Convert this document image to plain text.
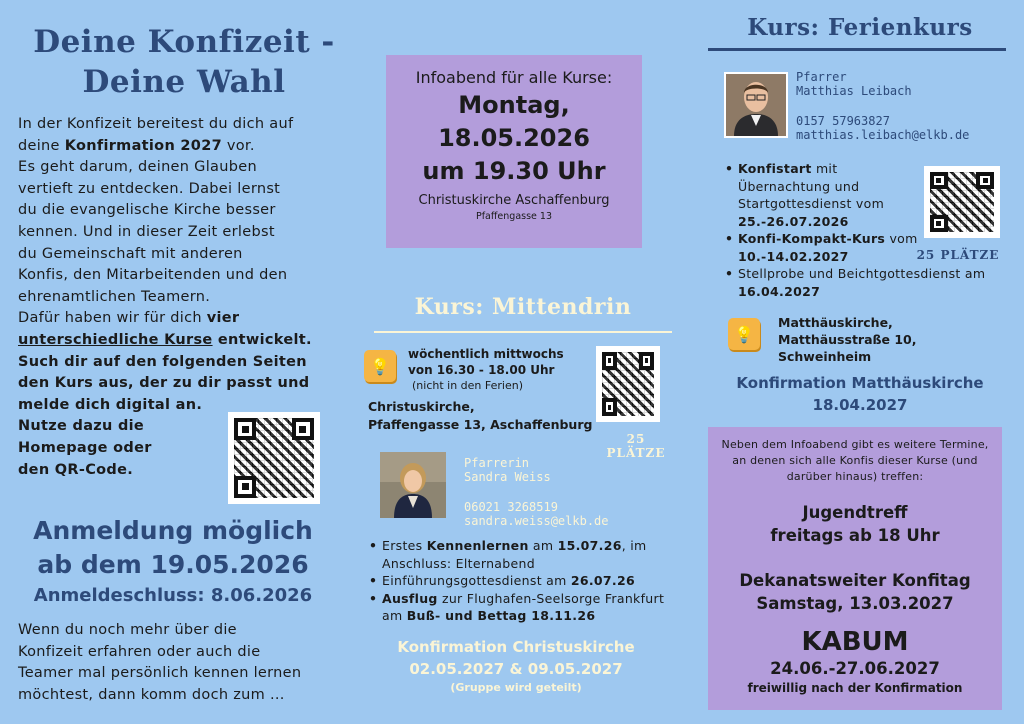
Deine Konfizeit -
Deine Wahl
In der Konfizeit bereitest du dich auf
deine Konfirmation 2027 vor.
Es geht darum, deinen Glauben
vertieft zu entdecken. Dabei lernst
du die evangelische Kirche besser
kennen. Und in dieser Zeit erlebst
du Gemeinschaft mit anderen
Konfis, den Mitarbeitenden und den
ehrenamtlichen Teamern.
Dafür haben wir für dich vier
unterschiedliche Kurse entwickelt.
Such dir auf den folgenden Seiten
den Kurs aus, der zu dir passt und
melde dich digital an.
Nutze dazu die
Homepage oder
den QR-Code.
Anmeldung möglich
ab dem 19.05.2026
Anmeldeschluss: 8.06.2026
Wenn du noch mehr über die
Konfizeit erfahren oder auch die
Teamer mal persönlich kennen lernen
möchtest, dann komm doch zum ...
Infoabend für alle Kurse:
Montag,
18.05.2026
um 19.30 Uhr
Christuskirche Aschaffenburg
Pfaffengasse 13
Kurs: Mittendrin
💡
wöchentlich mittwochs
von 16.30 - 18.00 Uhr
(nicht in den Ferien)
Christuskirche,
Pfaffengasse 13, Aschaffenburg
25 PLÄTZE
Pfarrerin
Sandra Weiss
06021 3268519
sandra.weiss@elkb.de
• Erstes Kennenlernen am 15.07.26, im Anschluss: Elternabend
• Einführungsgottesdienst am 26.07.26
• Ausflug zur Flughafen-Seelsorge Frankfurt am Buß- und Bettag 18.11.26
Konfirmation Christuskirche
02.05.2027 & 09.05.2027
(Gruppe wird geteilt)
Kurs: Ferienkurs
Pfarrer
Matthias Leibach
0157 57963827
matthias.leibach@elkb.de
• Konfistart mit Übernachtung und Startgottesdienst vom 25.-26.07.2026
• Konfi-Kompakt-Kurs vom 10.-14.02.2027
• Stellprobe und Beichtgottesdienst am 16.04.2027
25 PLÄTZE
💡
Matthäuskirche,
Matthäusstraße 10,
Schweinheim
Konfirmation Matthäuskirche
18.04.2027
Neben dem Infoabend gibt es weitere Termine, an denen sich alle Konfis dieser Kurse (und darüber hinaus) treffen:
Jugendtreff
freitags ab 18 Uhr
Dekanatsweiter Konfitag
Samstag, 13.03.2027
KABUM
24.06.-27.06.2027
freiwillig nach der Konfirmation
